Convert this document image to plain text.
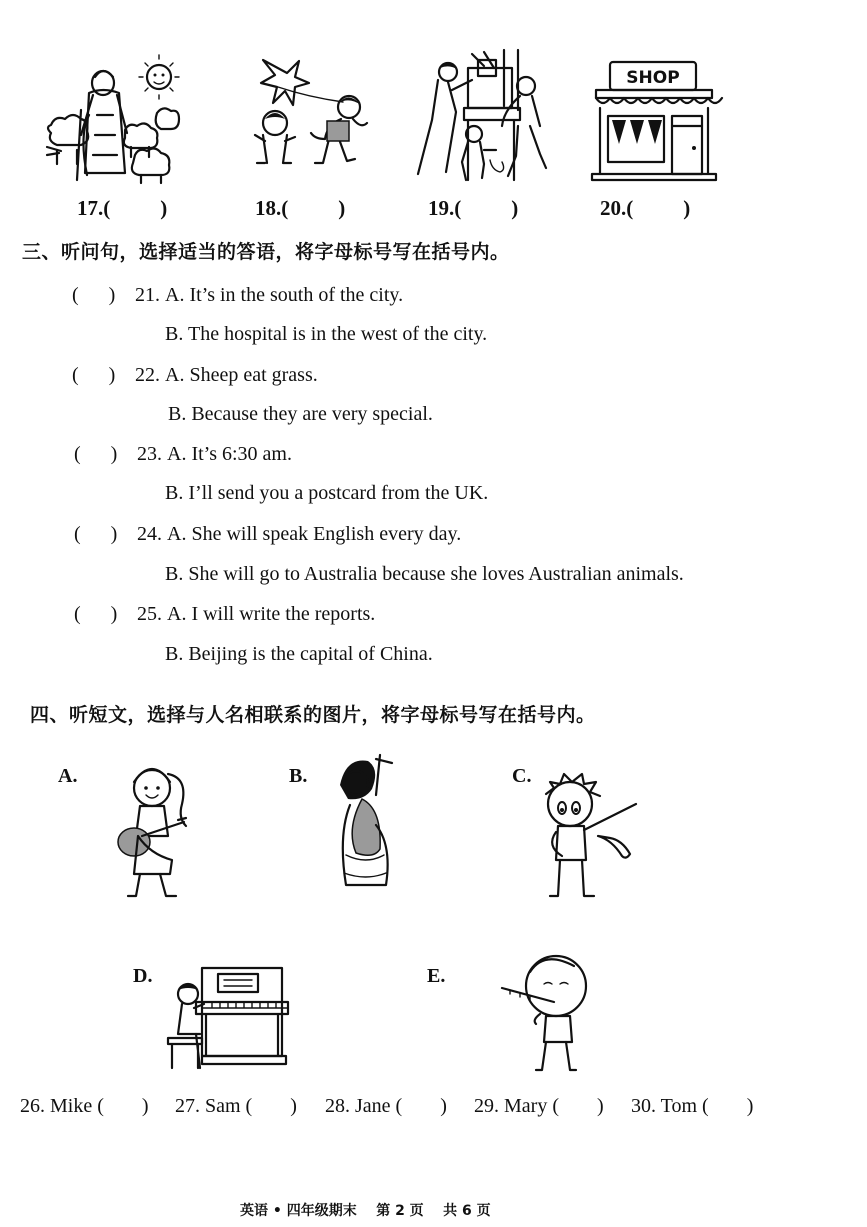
SHOP
17.( )	18.( )	19.( )	20.( )
三、听问句，选择适当的答语，将字母标号写在括号内。
(      ) 21. A. It’s in the south of the city.
B. The hospital is in the west of the city.
(      ) 22. A. Sheep eat grass.
B. Because they are very special.
(      ) 23. A. It’s 6:30 am.
B. I’ll send you a postcard from the UK.
(      ) 24. A. She will speak English every day.
B. She will go to Australia because she loves Australian animals.
(      ) 25. A. I will write the reports.
B. Beijing is the capital of China.
四、听短文，选择与人名相联系的图片，将字母标号写在括号内。
A.	B.	C.
D.	E.
26. Mike ( ) 27. Sam ( ) 28. Jane ( ) 29. Mary ( ) 30. Tom ( )
英语 • 四年级期末    第 2 页    共 6 页
